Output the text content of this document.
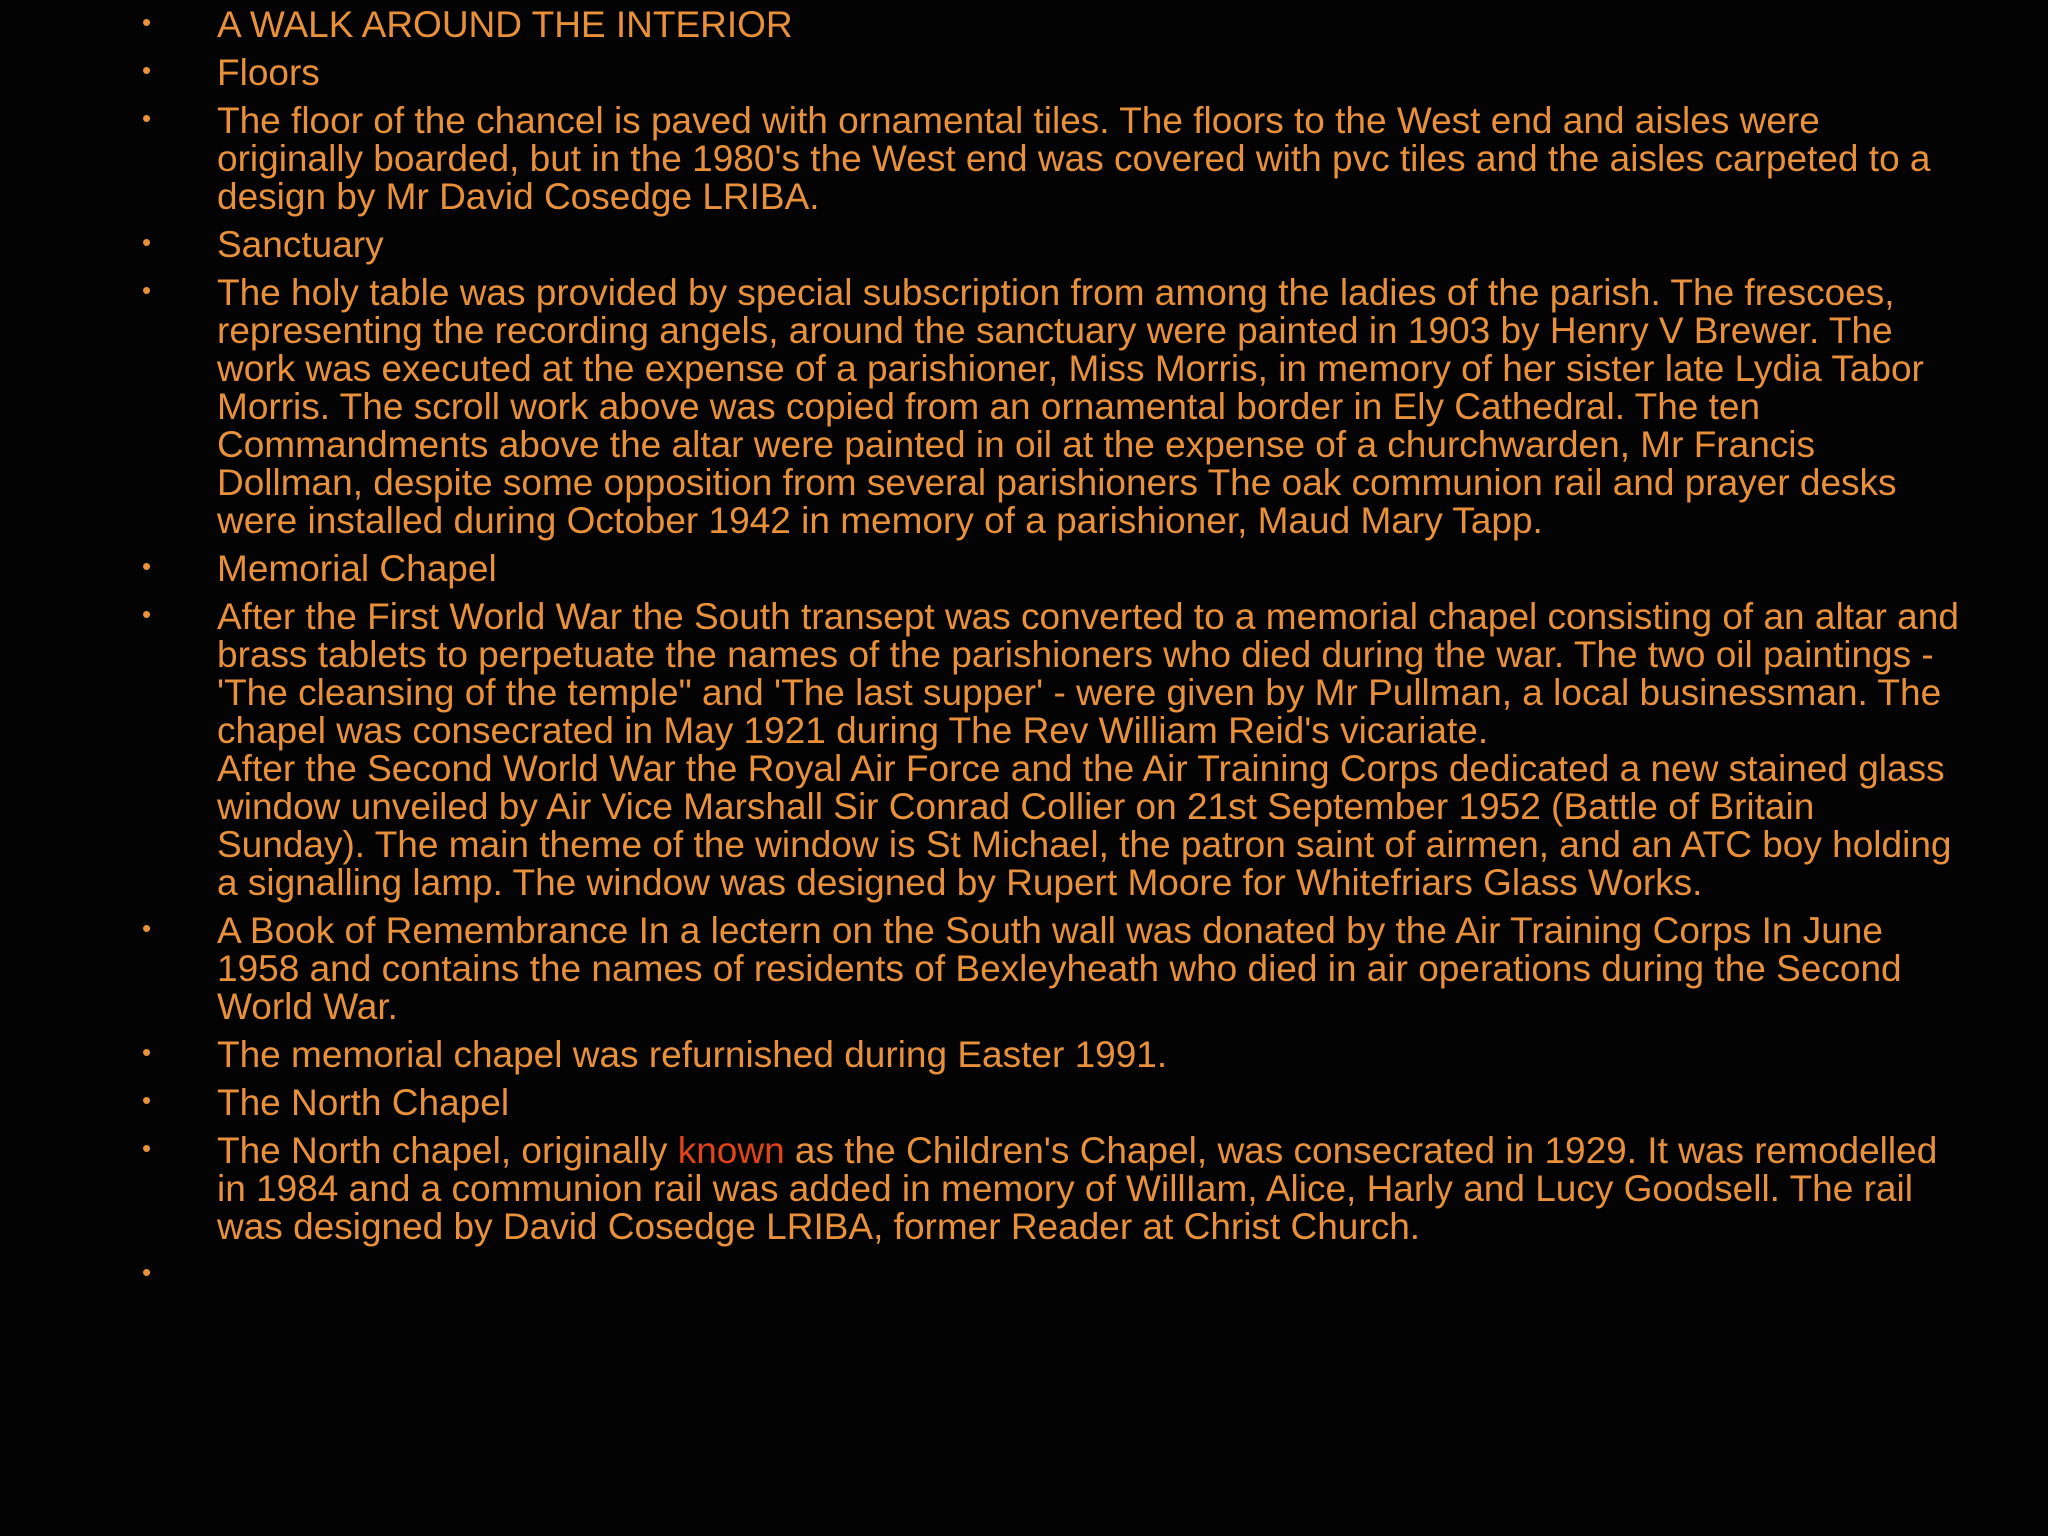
• A WALK AROUND THE INTERIOR
• Floors
• The floor of the chancel is paved with ornamental tiles. The floors to the West end and aisles were originally boarded, but in the 1980's the West end was covered with pvc tiles and the aisles carpeted to a design by Mr David Cosedge LRIBA.
• Sanctuary
• The holy table was provided by special subscription from among the ladies of the parish. The frescoes, representing the recording angels, around the sanctuary were painted in 1903 by Henry V Brewer. The work was executed at the expense of a parishioner, Miss Morris, in memory of her sister late Lydia Tabor Morris. The scroll work above was copied from an ornamental border in Ely Cathedral. The ten Commandments above the altar were painted in oil at the expense of a churchwarden, Mr Francis Dollman, despite some opposition from several parishioners The oak communion rail and prayer desks were installed during October 1942 in memory of a parishioner, Maud Mary Tapp.
• Memorial Chapel
• After the First World War the South transept was converted to a memorial chapel consisting of an altar and brass tablets to perpetuate the names of the parishioners who died during the war. The two oil paintings - 'The cleansing of the temple" and 'The last supper' - were given by Mr Pullman, a local businessman. The chapel was consecrated in May 1921 during The Rev William Reid's vicariate.
After the Second World War the Royal Air Force and the Air Training Corps dedicated a new stained glass window unveiled by Air Vice Marshall Sir Conrad Collier on 21st September 1952 (Battle of Britain Sunday). The main theme of the window is St Michael, the patron saint of airmen, and an ATC boy holding a signalling lamp. The window was designed by Rupert Moore for Whitefriars Glass Works.
• A Book of Remembrance In a lectern on the South wall was donated by the Air Training Corps In June 1958 and contains the names of residents of Bexleyheath who died in air operations during the Second World War.
• The memorial chapel was refurnished during Easter 1991.
• The North Chapel
• The North chapel, originally known as the Children's Chapel, was consecrated in 1929. It was remodelled in 1984 and a communion rail was added in memory of WillIam, Alice, Harly and Lucy Goodsell. The rail was designed by David Cosedge LRIBA, former Reader at Christ Church.
•
